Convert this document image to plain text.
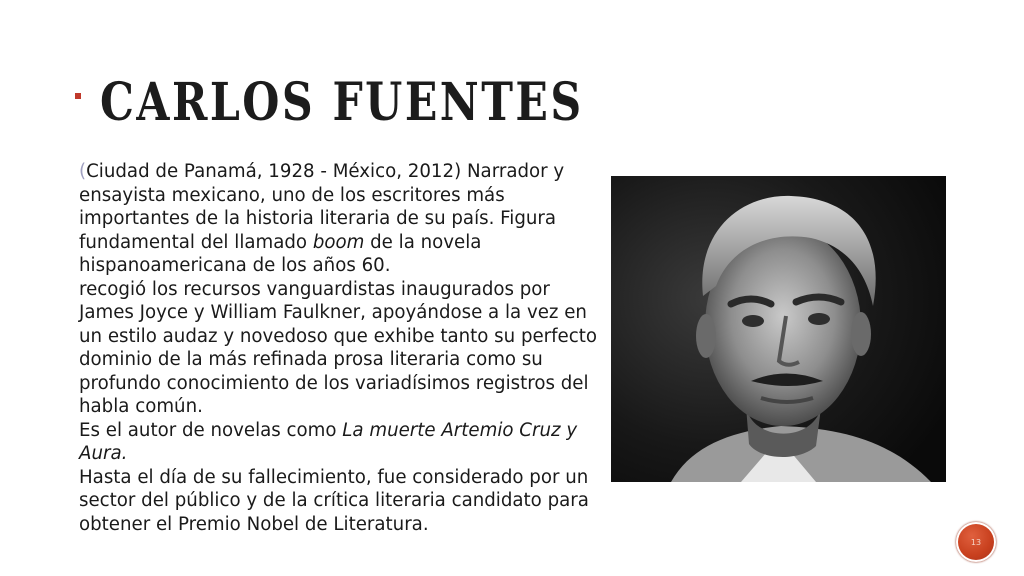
CARLOS FUENTES

(Ciudad de Panamá, 1928 - México, 2012) Narrador y ensayista mexicano, uno de los escritores más importantes de la historia literaria de su país. Figura fundamental del llamado boom de la novela hispanoamericana de los años 60.

recogió los recursos vanguardistas inaugurados por James Joyce y William Faulkner, apoyándose a la vez en un estilo audaz y novedoso que exhibe tanto su perfecto dominio de la más refinada prosa literaria como su profundo conocimiento de los variadísimos registros del habla común.

Es el autor de novelas como La muerte Artemio Cruz y Aura.

Hasta el día de su fallecimiento, fue considerado por un sector del público y de la crítica literaria candidato para obtener el Premio Nobel de Literatura.

13
